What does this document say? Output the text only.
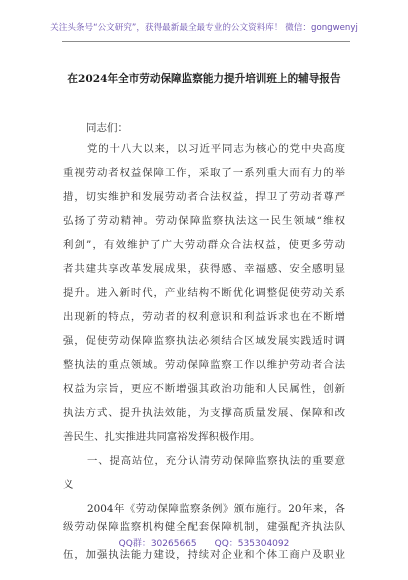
关注头条号“公文研究”，获得最新最全最专业的公文资料库！ 微信：gongwenyj
在2024年全市劳动保障监察能力提升培训班上的辅导报告
同志们：
党的十八大以来，以习近平同志为核心的党中央高度
重视劳动者权益保障工作，采取了一系列重大而有力的举
措，切实维护和发展劳动者合法权益，捍卫了劳动者尊严
弘扬了劳动精神。劳动保障监察执法这一民生领域“维权
利剑”，有效维护了广大劳动群众合法权益，使更多劳动
者共建共享改革发展成果，获得感、幸福感、安全感明显
提升。进入新时代，产业结构不断优化调整促使劳动关系
出现新的特点，劳动者的权利意识和利益诉求也在不断增
强，促使劳动保障监察执法必须结合区域发展实践适时调
整执法的重点领域。劳动保障监察工作以维护劳动者合法
权益为宗旨，更应不断增强其政治功能和人民属性，创新
执法方式、提升执法效能，为支撑高质量发展、保障和改
善民生、扎实推进共同富裕发挥积极作用。
一、提高站位，充分认清劳动保障监察执法的重要意
义
2004年《劳动保障监察条例》颁布施行。20年来，各
级劳动保障监察机构健全配套保障机制，建强配齐执法队
伍，加强执法能力建设，持续对企业和个体工商户及职业
QQ群：30265665 QQ：535304092
